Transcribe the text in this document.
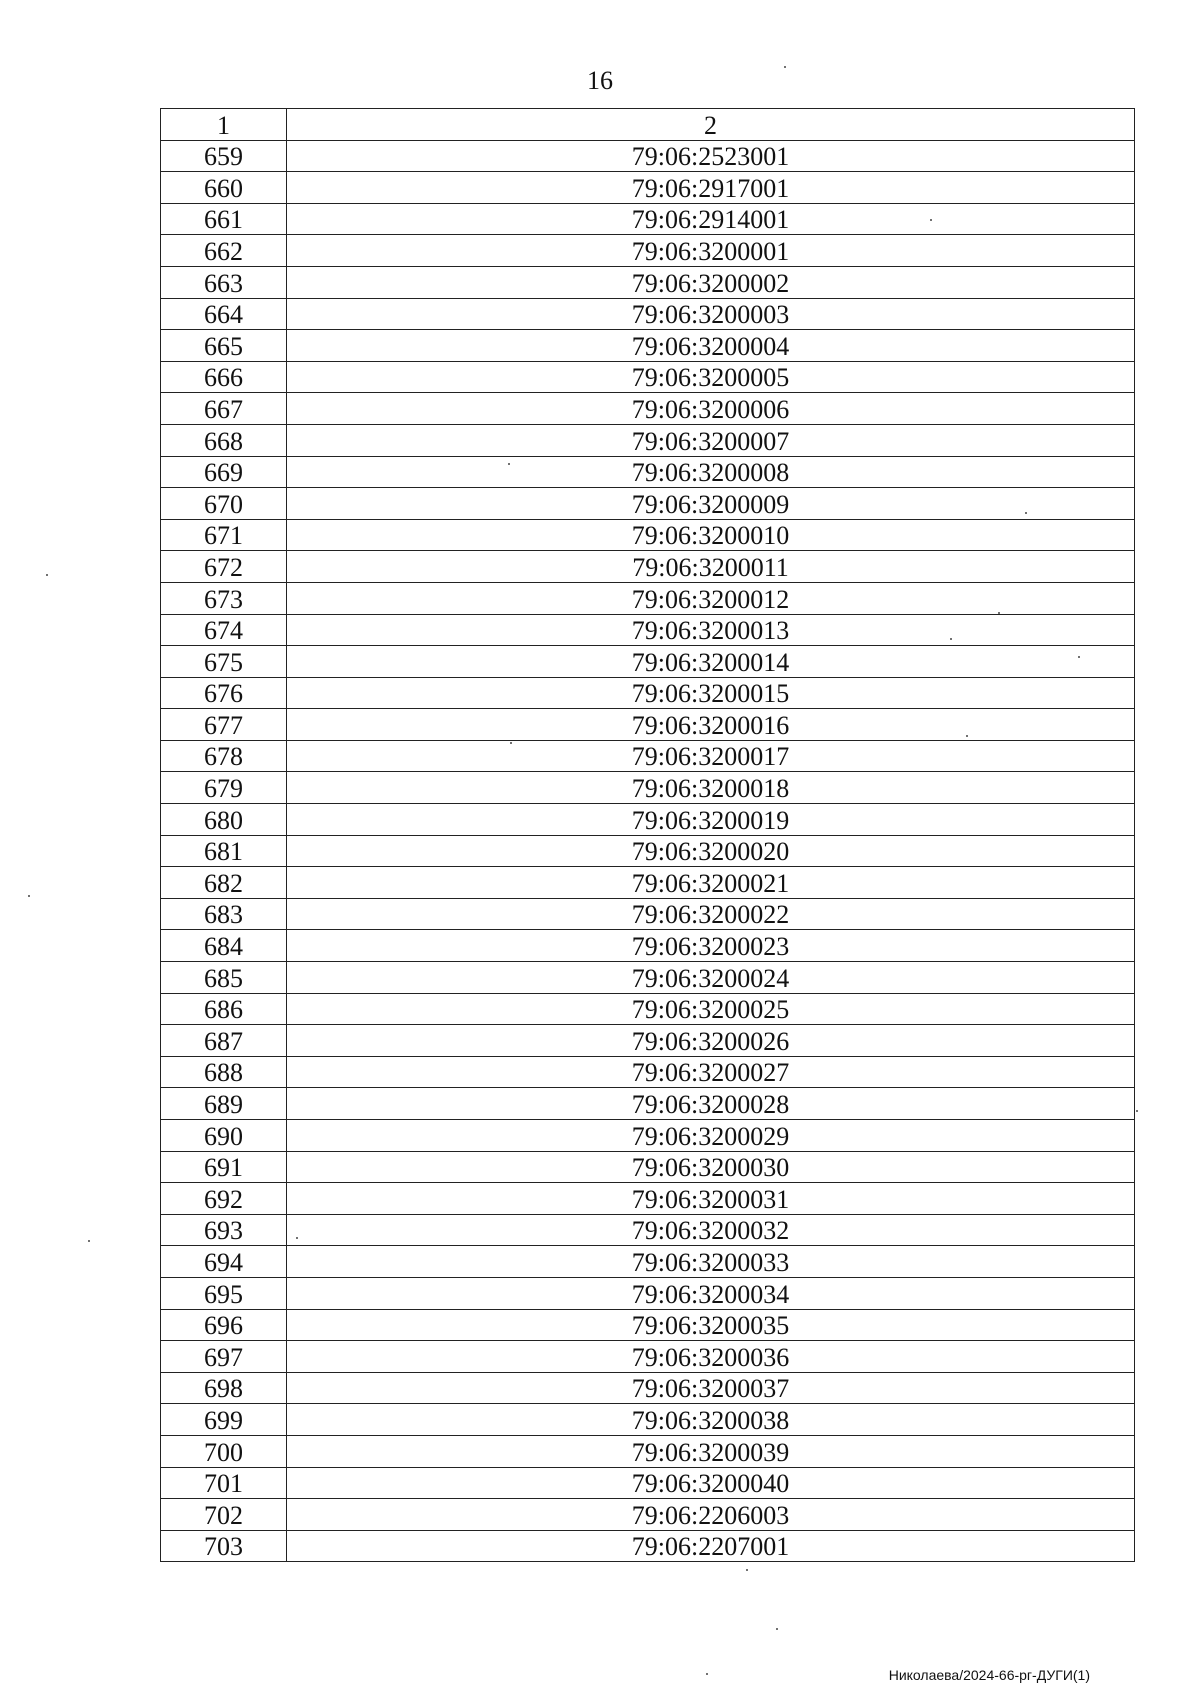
16
1	2
659	79:06:2523001
660	79:06:2917001
661	79:06:2914001
662	79:06:3200001
663	79:06:3200002
664	79:06:3200003
665	79:06:3200004
666	79:06:3200005
667	79:06:3200006
668	79:06:3200007
669	79:06:3200008
670	79:06:3200009
671	79:06:3200010
672	79:06:3200011
673	79:06:3200012
674	79:06:3200013
675	79:06:3200014
676	79:06:3200015
677	79:06:3200016
678	79:06:3200017
679	79:06:3200018
680	79:06:3200019
681	79:06:3200020
682	79:06:3200021
683	79:06:3200022
684	79:06:3200023
685	79:06:3200024
686	79:06:3200025
687	79:06:3200026
688	79:06:3200027
689	79:06:3200028
690	79:06:3200029
691	79:06:3200030
692	79:06:3200031
693	79:06:3200032
694	79:06:3200033
695	79:06:3200034
696	79:06:3200035
697	79:06:3200036
698	79:06:3200037
699	79:06:3200038
700	79:06:3200039
701	79:06:3200040
702	79:06:2206003
703	79:06:2207001
Николаева/2024-66-рг-ДУГИ(1)
